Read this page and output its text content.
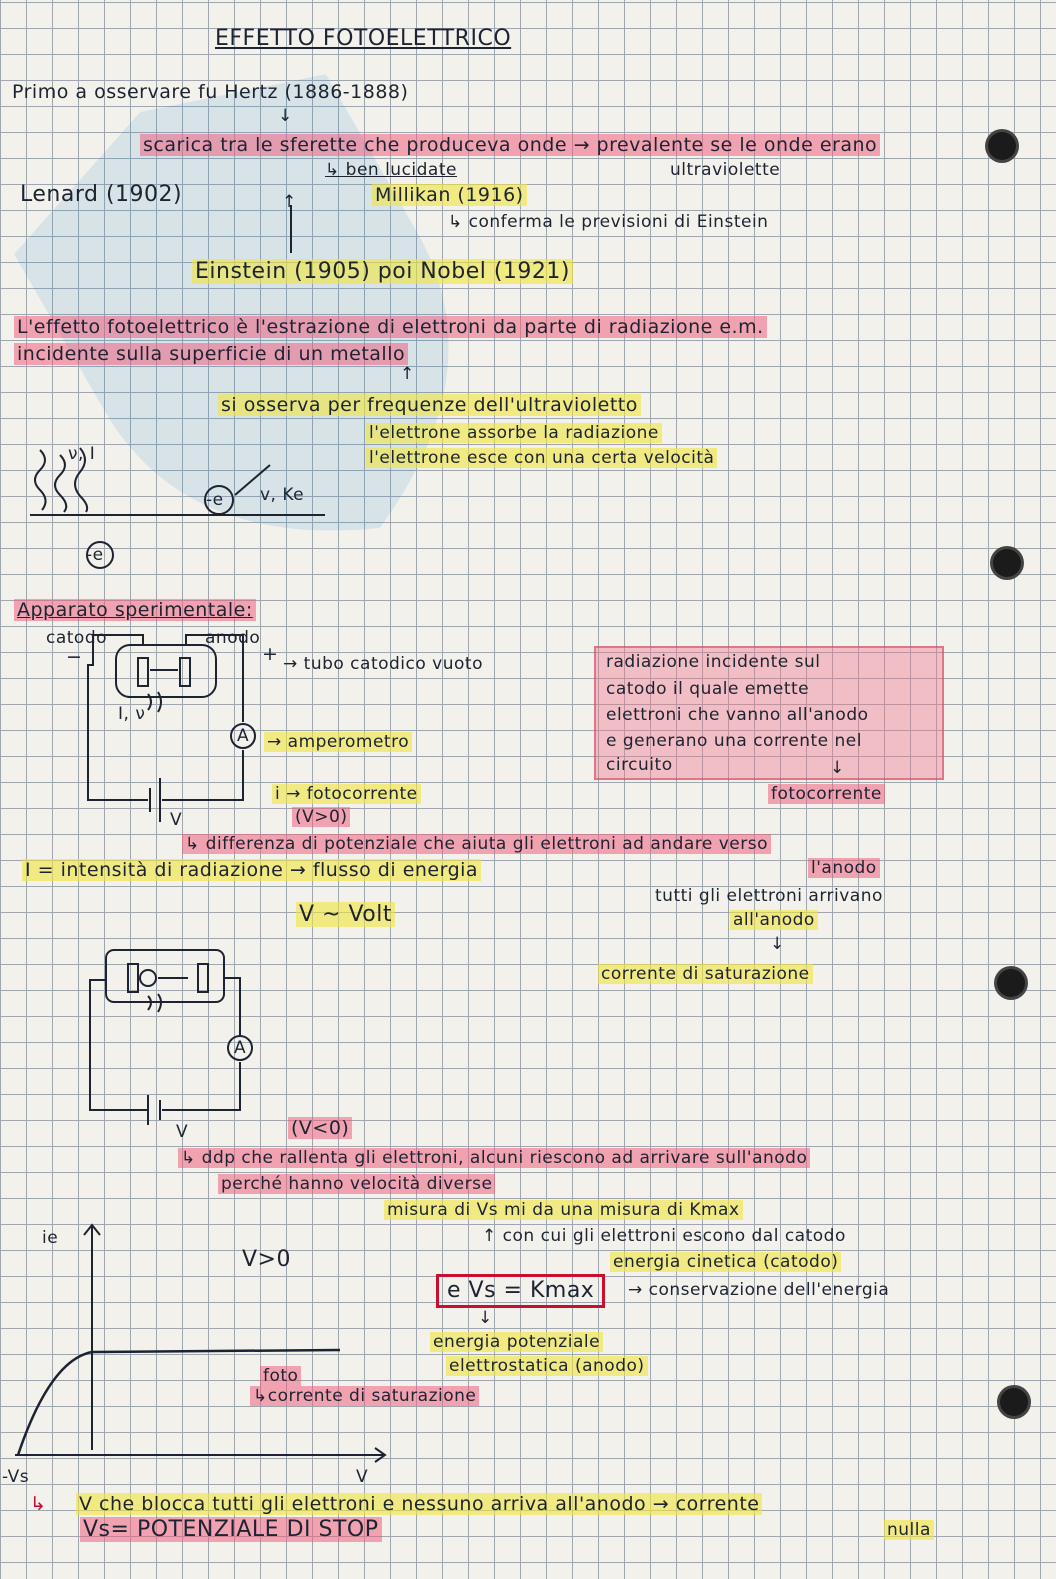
EFFETTO FOTOELETTRICO
Primo a osservare fu Hertz (1886-1888)
↓
scarica tra le sferette che produceva onde → prevalente se le onde erano
ultraviolette
↳ ben lucidate
Lenard (1902)	↑	Millikan (1916)
↳ conferma le previsioni di Einstein
Einstein (1905) poi Nobel (1921)
L'effetto fotoelettrico è l'estrazione di elettroni da parte di radiazione e.m.
incidente sulla superficie di un metallo
↑
si osserva per frequenze dell'ultravioletto
l'elettrone assorbe la radiazione
l'elettrone esce con una certa velocità
ν, I
-e v, Ke
-e
Apparato sperimentale:
catodo	anodo
−	+
A
→ tubo catodico vuoto
→ amperometro
i → fotocorrente
I, ν
V	(V>0)
↳ differenza di potenziale che aiuta gli elettroni ad andare verso
l'anodo
I = intensità di radiazione → flusso di energia
V ~ Volt
tutti gli elettroni arrivano
all'anodo
↓
corrente di saturazione
radiazione incidente sul
catodo il quale emette
elettroni che vanno all'anodo
e generano una corrente nel
circuito	↓
fotocorrente
A
V	(V<0)
↳ ddp che rallenta gli elettroni, alcuni riescono ad arrivare sull'anodo
perché hanno velocità diverse
misura di Vs mi da una misura di Kmax
↑ con cui gli elettroni escono dal catodo
energia cinetica (catodo)
e Vs = Kmax	→ conservazione dell'energia
↓
energia potenziale
elettrostatica (anodo)
ie
V>0
foto
↳corrente di saturazione
-Vs	V
↳ V che blocca tutti gli elettroni e nessuno arriva all'anodo → corrente
nulla
Vs= POTENZIALE DI STOP
